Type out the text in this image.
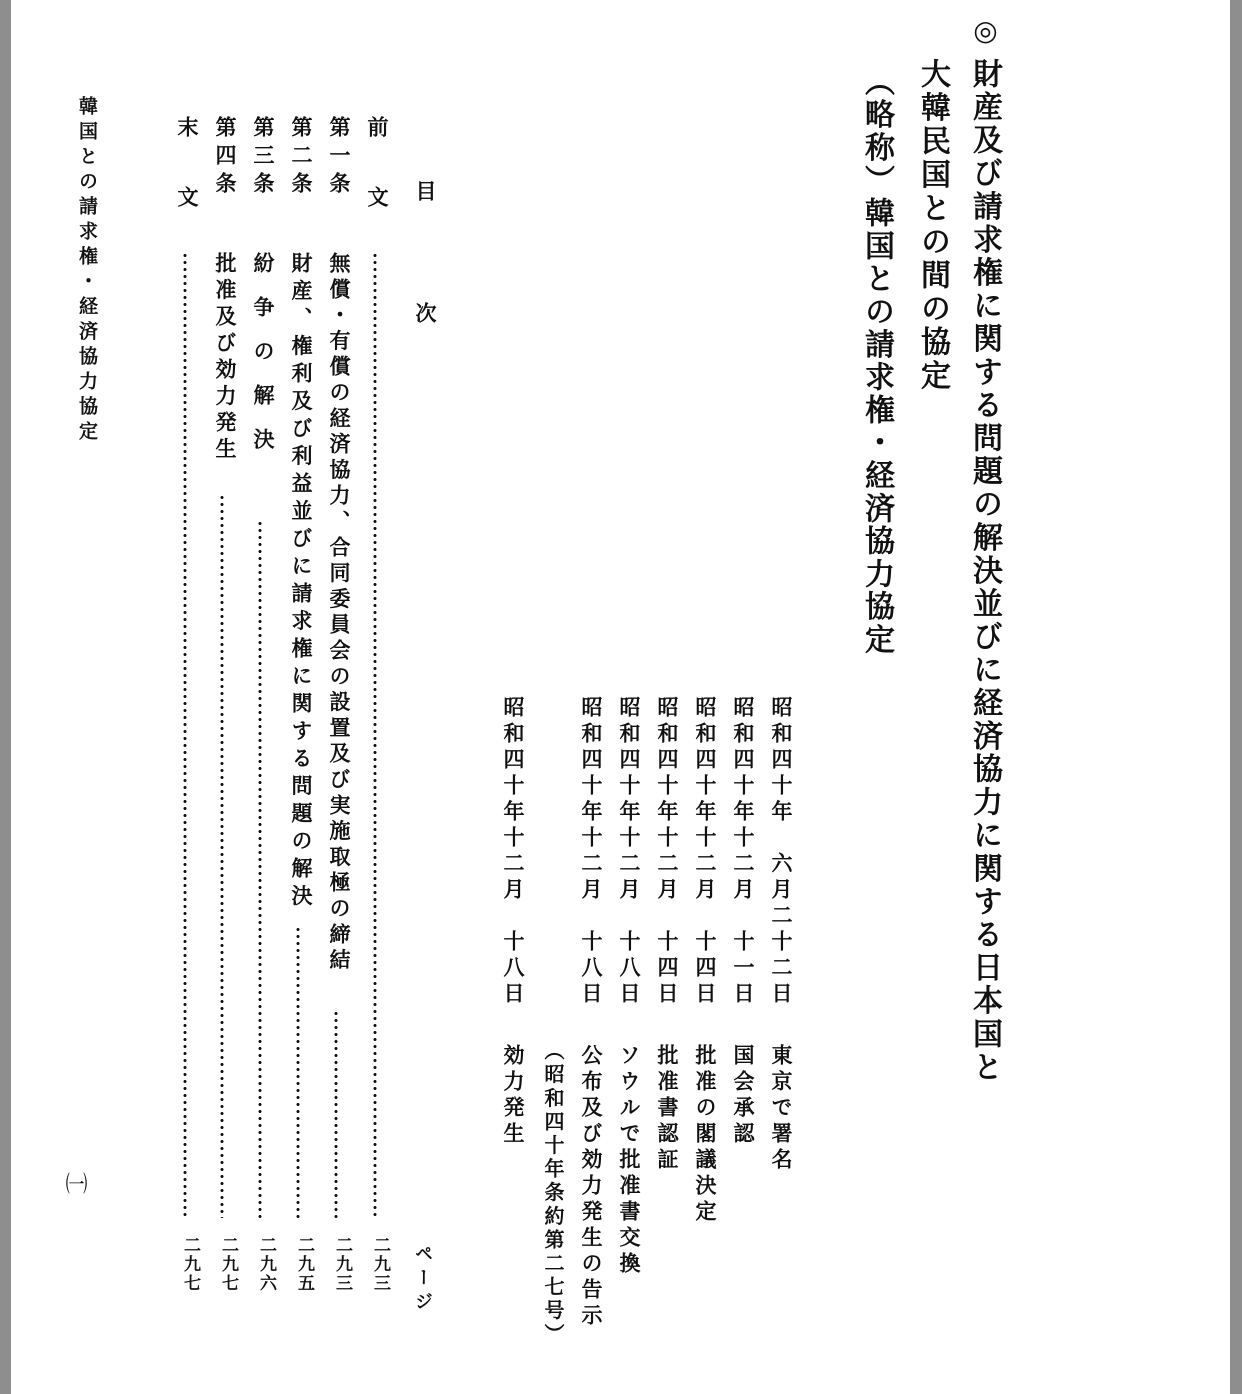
◎
財産及び請求権に関する問題の解決並びに経済協力に関する日本国と
大韓民国との間の協定
（略称）韓国との請求権・経済協力協定
昭和四十年　六月二十二日
東京で署名
昭和四十年十二月　十一日
国会承認
昭和四十年十二月　十四日
批准の閣議決定
昭和四十年十二月　十四日
批准書認証
昭和四十年十二月　十八日
ソウルで批准書交換
昭和四十年十二月　十八日
公布及び効力発生の告示
（昭和四十年条約第二七号）
昭和四十年十二月　十八日
効力発生
目　次
ページ
前　文
二九三
第一条
無償・有償の経済協力、合同委員会の設置及び実施取極の締結
二九三
第二条
財産、権利及び利益並びに請求権に関する問題の解決
二九五
第三条
紛　争　の　解　決
二九六
第四条
批准及び効力発生
二九七
末　文
二九七
韓国との請求権・経済協力協定
㈠
